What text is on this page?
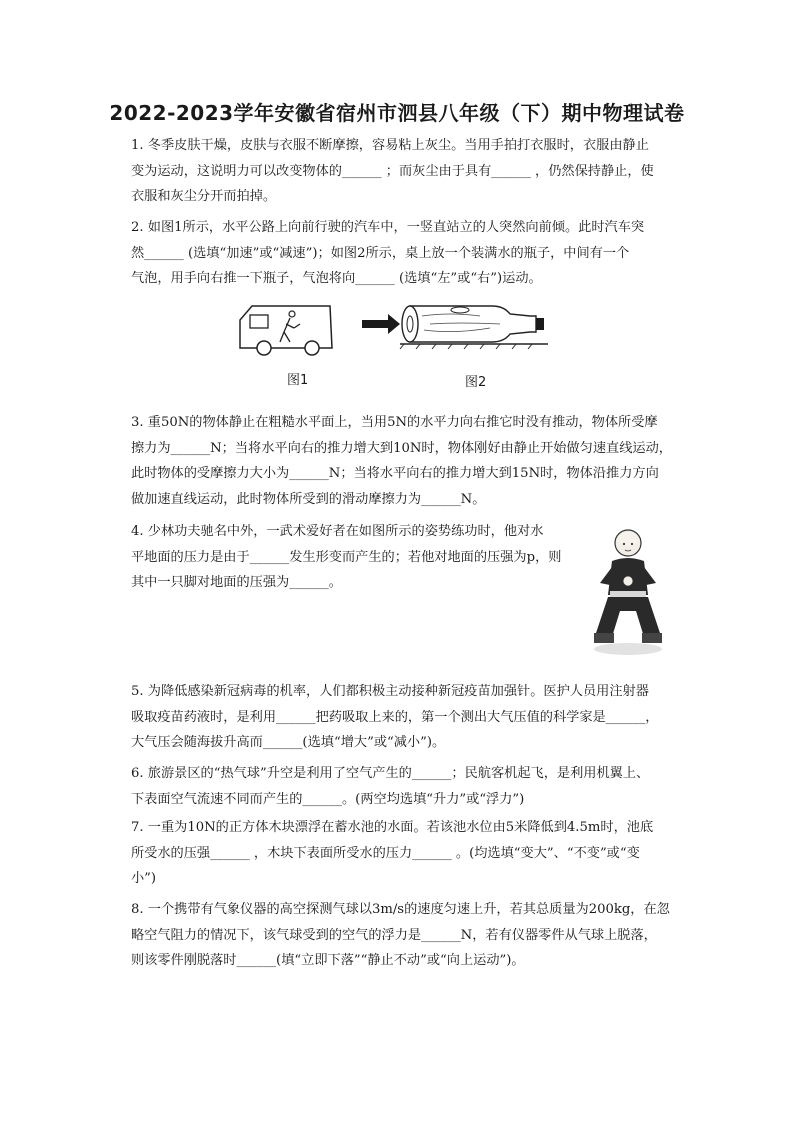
2022-2023学年安徽省宿州市泗县八年级（下）期中物理试卷

1. 冬季皮肤干燥，皮肤与衣服不断摩擦，容易粘上灰尘。当用手拍打衣服时，衣服由静止

变为运动，这说明力可以改变物体的______ ；而灰尘由于具有______ ，仍然保持静止，使

衣服和灰尘分开而拍掉。

2. 如图1所示，水平公路上向前行驶的汽车中，一竖直站立的人突然向前倾。此时汽车突

然______ (选填“加速”或“减速”)；如图2所示，桌上放一个装满水的瓶子，中间有一个

气泡，用手向右推一下瓶子，气泡将向______ (选填“左”或“右”)运动。

图1	图2

3. 重50N的物体静止在粗糙水平面上，当用5N的水平力向右推它时没有推动，物体所受摩

擦力为______N；当将水平向右的推力增大到10N时，物体刚好由静止开始做匀速直线运动，

此时物体的受摩擦力大小为______N；当将水平向右的推力增大到15N时，物体沿推力方向

做加速直线运动，此时物体所受到的滑动摩擦力为______N。

4. 少林功夫驰名中外，一武术爱好者在如图所示的姿势练功时，他对水

平地面的压力是由于______发生形变而产生的；若他对地面的压强为p，则

其中一只脚对地面的压强为______。

5. 为降低感染新冠病毒的机率，人们都积极主动接种新冠疫苗加强针。医护人员用注射器

吸取疫苗药液时，是利用______把药吸取上来的，第一个测出大气压值的科学家是______，

大气压会随海拔升高而______(选填“增大”或“减小”)。

6. 旅游景区的“热气球”升空是利用了空气产生的______；民航客机起飞，是利用机翼上、

下表面空气流速不同而产生的______。(两空均选填“升力”或“浮力”)

7. 一重为10N的正方体木块漂浮在蓄水池的水面。若该池水位由5米降低到4.5m时，池底

所受水的压强______ ，木块下表面所受水的压力______ 。(均选填“变大”、“不变”或“变

小”)

8. 一个携带有气象仪器的高空探测气球以3m/s的速度匀速上升，若其总质量为200kg，在忽

略空气阻力的情况下，该气球受到的空气的浮力是______N，若有仪器零件从气球上脱落，

则该零件刚脱落时______(填“立即下落”“静止不动”或“向上运动”)。
